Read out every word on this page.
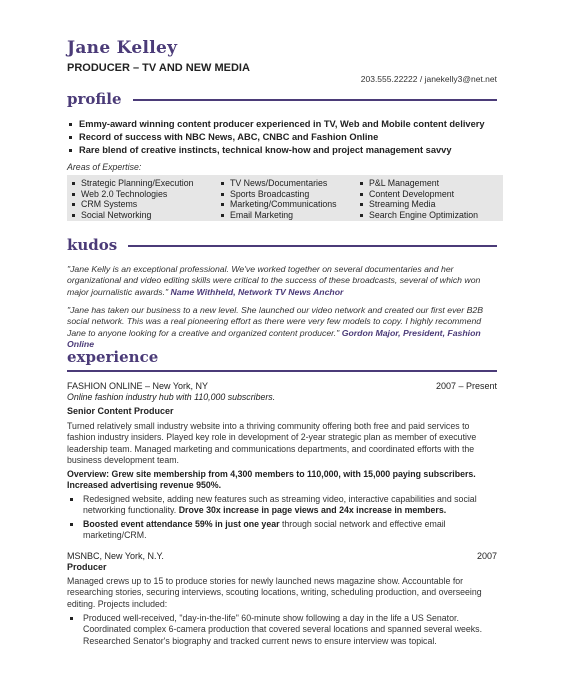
Jane Kelley
PRODUCER – TV AND NEW MEDIA
203.555.22222 / janekelly3@net.net
profile
Emmy-award winning content producer experienced in TV, Web and Mobile content delivery
Record of success with NBC News, ABC, CNBC and Fashion Online
Rare blend of creative instincts, technical know-how and project management savvy
Areas of Expertise:
Strategic Planning/Execution
Web 2.0 Technologies
CRM Systems
Social Networking
TV News/Documentaries
Sports Broadcasting
Marketing/Communications
Email Marketing
P&L Management
Content Development
Streaming Media
Search Engine Optimization
kudos
"Jane Kelly is an exceptional professional. We've worked together on several documentaries and her organizational and video editing skills were critical to the success of these broadcasts, several of which won major journalistic awards." Name Withheld, Network TV News Anchor
"Jane has taken our business to a new level. She launched our video network and created our first ever B2B social network. This was a real pioneering effort as there were very few models to copy. I highly recommend Jane to anyone looking for a creative and organized content producer." Gordon Major, President, Fashion Online
experience
FASHION ONLINE – New York, NY	2007 – Present
Online fashion industry hub with 110,000 subscribers.
Senior Content Producer
Turned relatively small industry website into a thriving community offering both free and paid services to fashion industry insiders. Played key role in development of 2-year strategic plan as member of executive leadership team. Managed marketing and communications departments, and coordinated efforts with the business development team.
Overview: Grew site membership from 4,300 members to 110,000, with 15,000 paying subscribers. Increased advertising revenue 950%.
Redesigned website, adding new features such as streaming video, interactive capabilities and social networking functionality. Drove 30x increase in page views and 24x increase in members.
Boosted event attendance 59% in just one year through social network and effective email marketing/CRM.
MSNBC, New York, N.Y.	2007
Producer
Managed crews up to 15 to produce stories for newly launched news magazine show. Accountable for researching stories, securing interviews, scouting locations, writing, scheduling production, and overseeing editing. Projects included:
Produced well-received, "day-in-the-life" 60-minute show following a day in the life a US Senator. Coordinated complex 6-camera production that covered several locations and spanned several weeks. Researched Senator's biography and tracked current news to ensure interview was topical.
